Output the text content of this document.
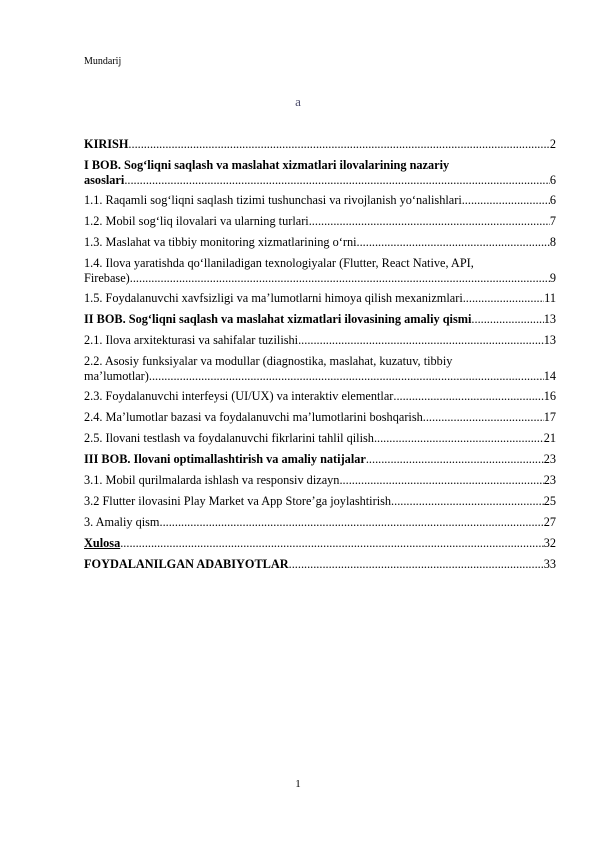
Mundarij
a
KIRISH .....	2
I BOB. Sog‘liqni saqlash va maslahat xizmatlari ilovalarining nazariy
asoslari .....	6
1.1. Raqamli sog‘liqni saqlash tizimi tushunchasi va rivojlanish yo‘nalishlari .....	6
1.2. Mobil sog‘liq ilovalari va ularning turlari .....	7
1.3. Maslahat va tibbiy monitoring xizmatlarining o‘rni .....	8
1.4. Ilova yaratishda qo‘llaniladigan texnologiyalar (Flutter, React Native, API,
Firebase) .....	9
1.5. Foydalanuvchi xavfsizligi va ma’lumotlarni himoya qilish mexanizmlari .....	11
II BOB. Sog‘liqni saqlash va maslahat xizmatlari ilovasining amaliy qismi .....	13
2.1. Ilova arxitekturasi va sahifalar tuzilishi .....	13
2.2. Asosiy funksiyalar va modullar (diagnostika, maslahat, kuzatuv, tibbiy
ma’lumotlar) .....	14
2.3. Foydalanuvchi interfeysi (UI/UX) va interaktiv elementlar .....	16
2.4. Ma’lumotlar bazasi va foydalanuvchi ma’lumotlarini boshqarish .....	17
2.5. Ilovani testlash va foydalanuvchi fikrlarini tahlil qilish .....	21
III BOB. Ilovani optimallashtirish va amaliy natijalar .....	23
3.1. Mobil qurilmalarda ishlash va responsiv dizayn .....	23
3.2 Flutter ilovasini Play Market va App Store’ga joylashtirish .....	25
3. Amaliy qism .....	27
Xulosa .....	32
FOYDALANILGAN ADABIYOTLAR .....	33
1
